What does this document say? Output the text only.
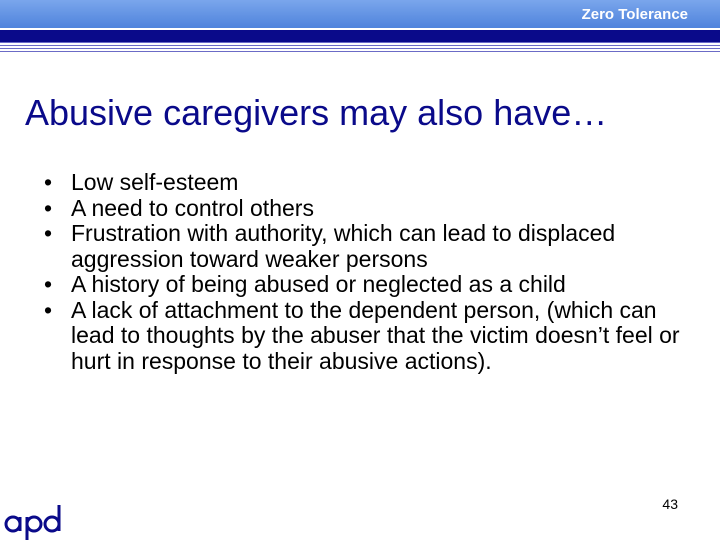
Zero Tolerance
Abusive caregivers may also have…
• Low self-esteem
• A need to control others
• Frustration with authority, which can lead to displaced aggression toward weaker persons
• A history of being abused or neglected as a child
• A lack of attachment to the dependent person, (which can lead to thoughts by the abuser that the victim doesn’t feel or hurt in response to their abusive actions).
43
